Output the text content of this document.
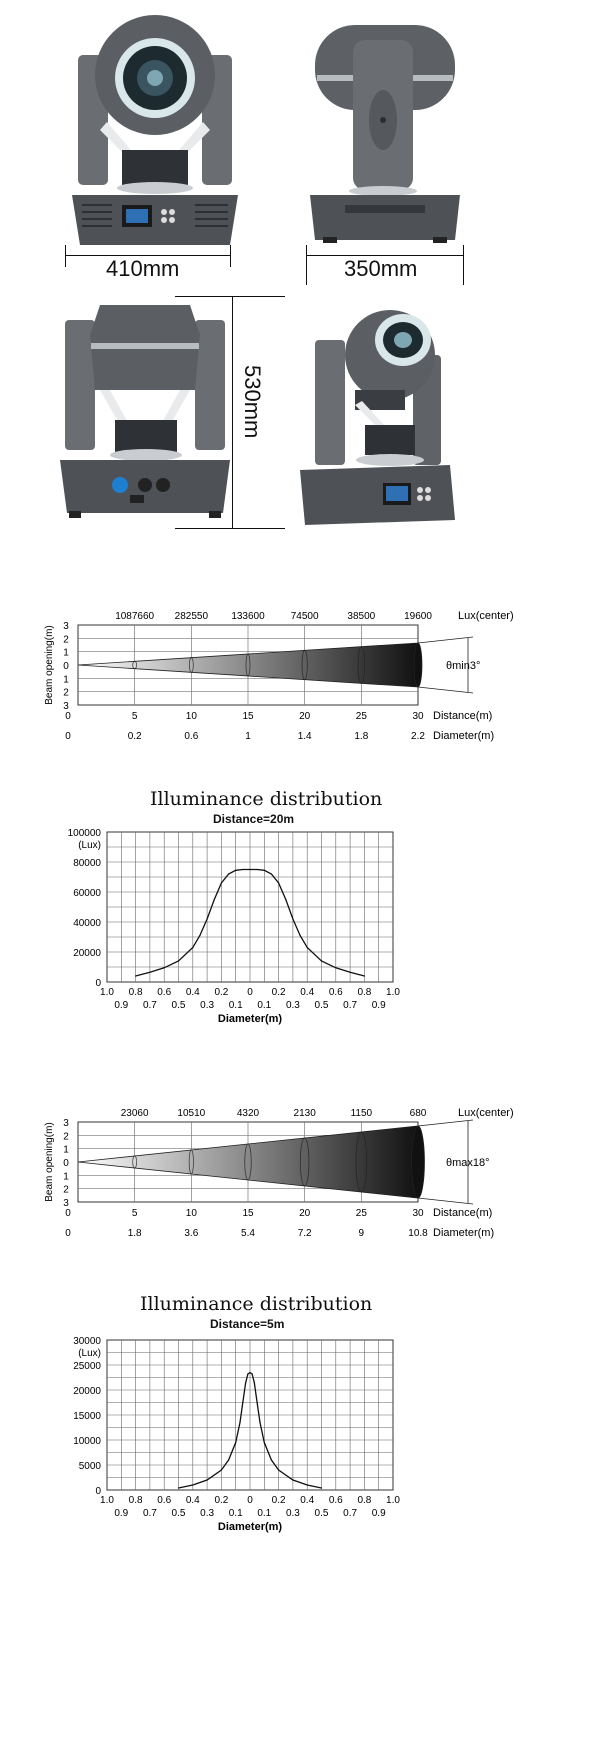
410mm	350mm
530mm
θmin3°
1087660 282550 133600	74500	38500	19600 Lux(center)
3
2
1
0
1
2
3
Beam opening(m)
0	5	10	15	20	25	30 Distance(m)
0	0.2	0.6	1	1.4	1.8	2.2 Diameter(m)
Illuminance distribution
Distance=20m
100000
80000
60000
40000
20000
0
(Lux)
1.0 0.8 0.6 0.4 0.2 0 0.2 0.4 0.6 0.8 1.0
0.9 0.7 0.5 0.3 0.1 0.1 0.3 0.5 0.7 0.9
Diameter(m)
θmax18°
23060	10510	4320	2130	1150	680	Lux(center)
3
2
1
0
1
2
3
Beam opening(m)
0	5	10	15	20	25	30 Distance(m)
0	1.8	3.6	5.4	7.2	9	10.8 Diameter(m)
Illuminance distribution
Distance=5m
30000
25000
20000
15000
10000
5000
0
(Lux)
1.0 0.8 0.6 0.4 0.2 0 0.2 0.4 0.6 0.8 1.0
0.9 0.7 0.5 0.3 0.1 0.1 0.3 0.5 0.7 0.9
Diameter(m)
